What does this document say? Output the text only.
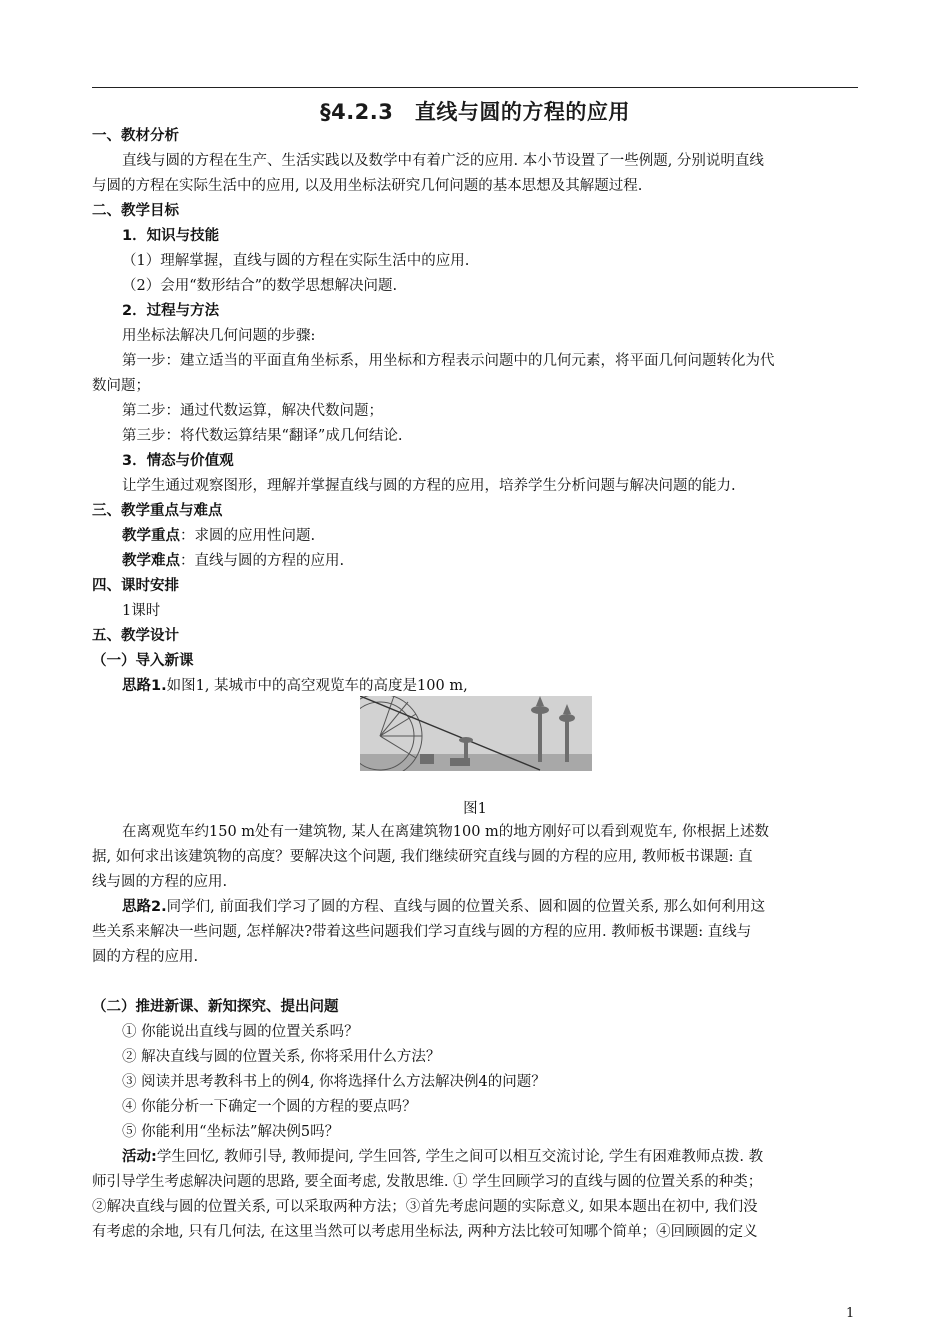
§4.2.3　直线与圆的方程的应用
一、教材分析
直线与圆的方程在生产、生活实践以及数学中有着广泛的应用. 本小节设置了一些例题, 分别说明直线
与圆的方程在实际生活中的应用, 以及用坐标法研究几何问题的基本思想及其解题过程.
二、教学目标
1．知识与技能
（1）理解掌握，直线与圆的方程在实际生活中的应用.
（2）会用“数形结合”的数学思想解决问题.
2．过程与方法
用坐标法解决几何问题的步骤:
第一步：建立适当的平面直角坐标系，用坐标和方程表示问题中的几何元素，将平面几何问题转化为代
数问题；
第二步：通过代数运算，解决代数问题；
第三步：将代数运算结果“翻译”成几何结论.
3．情态与价值观
让学生通过观察图形，理解并掌握直线与圆的方程的应用，培养学生分析问题与解决问题的能力.
三、教学重点与难点
教学重点：求圆的应用性问题.
教学难点：直线与圆的方程的应用.
四、课时安排
1课时
五、教学设计
（一）导入新课
思路1.如图1, 某城市中的高空观览车的高度是100 m,
图1
在离观览车约150 m处有一建筑物, 某人在离建筑物100 m的地方刚好可以看到观览车, 你根据上述数
据, 如何求出该建筑物的高度？要解决这个问题, 我们继续研究直线与圆的方程的应用, 教师板书课题: 直
线与圆的方程的应用.
思路2.同学们, 前面我们学习了圆的方程、直线与圆的位置关系、圆和圆的位置关系, 那么如何利用这
些关系来解决一些问题, 怎样解决?带着这些问题我们学习直线与圆的方程的应用. 教师板书课题: 直线与
圆的方程的应用.
（二）推进新课、新知探究、提出问题
① 你能说出直线与圆的位置关系吗？
② 解决直线与圆的位置关系, 你将采用什么方法？
③ 阅读并思考教科书上的例4, 你将选择什么方法解决例4的问题？
④ 你能分析一下确定一个圆的方程的要点吗？
⑤ 你能利用“坐标法”解决例5吗？
活动:学生回忆, 教师引导, 教师提问, 学生回答, 学生之间可以相互交流讨论, 学生有困难教师点拨. 教
师引导学生考虑解决问题的思路, 要全面考虑, 发散思维. ① 学生回顾学习的直线与圆的位置关系的种类；
②解决直线与圆的位置关系, 可以采取两种方法；③首先考虑问题的实际意义, 如果本题出在初中, 我们没
有考虑的余地, 只有几何法, 在这里当然可以考虑用坐标法, 两种方法比较可知哪个简单；④回顾圆的定义
1
